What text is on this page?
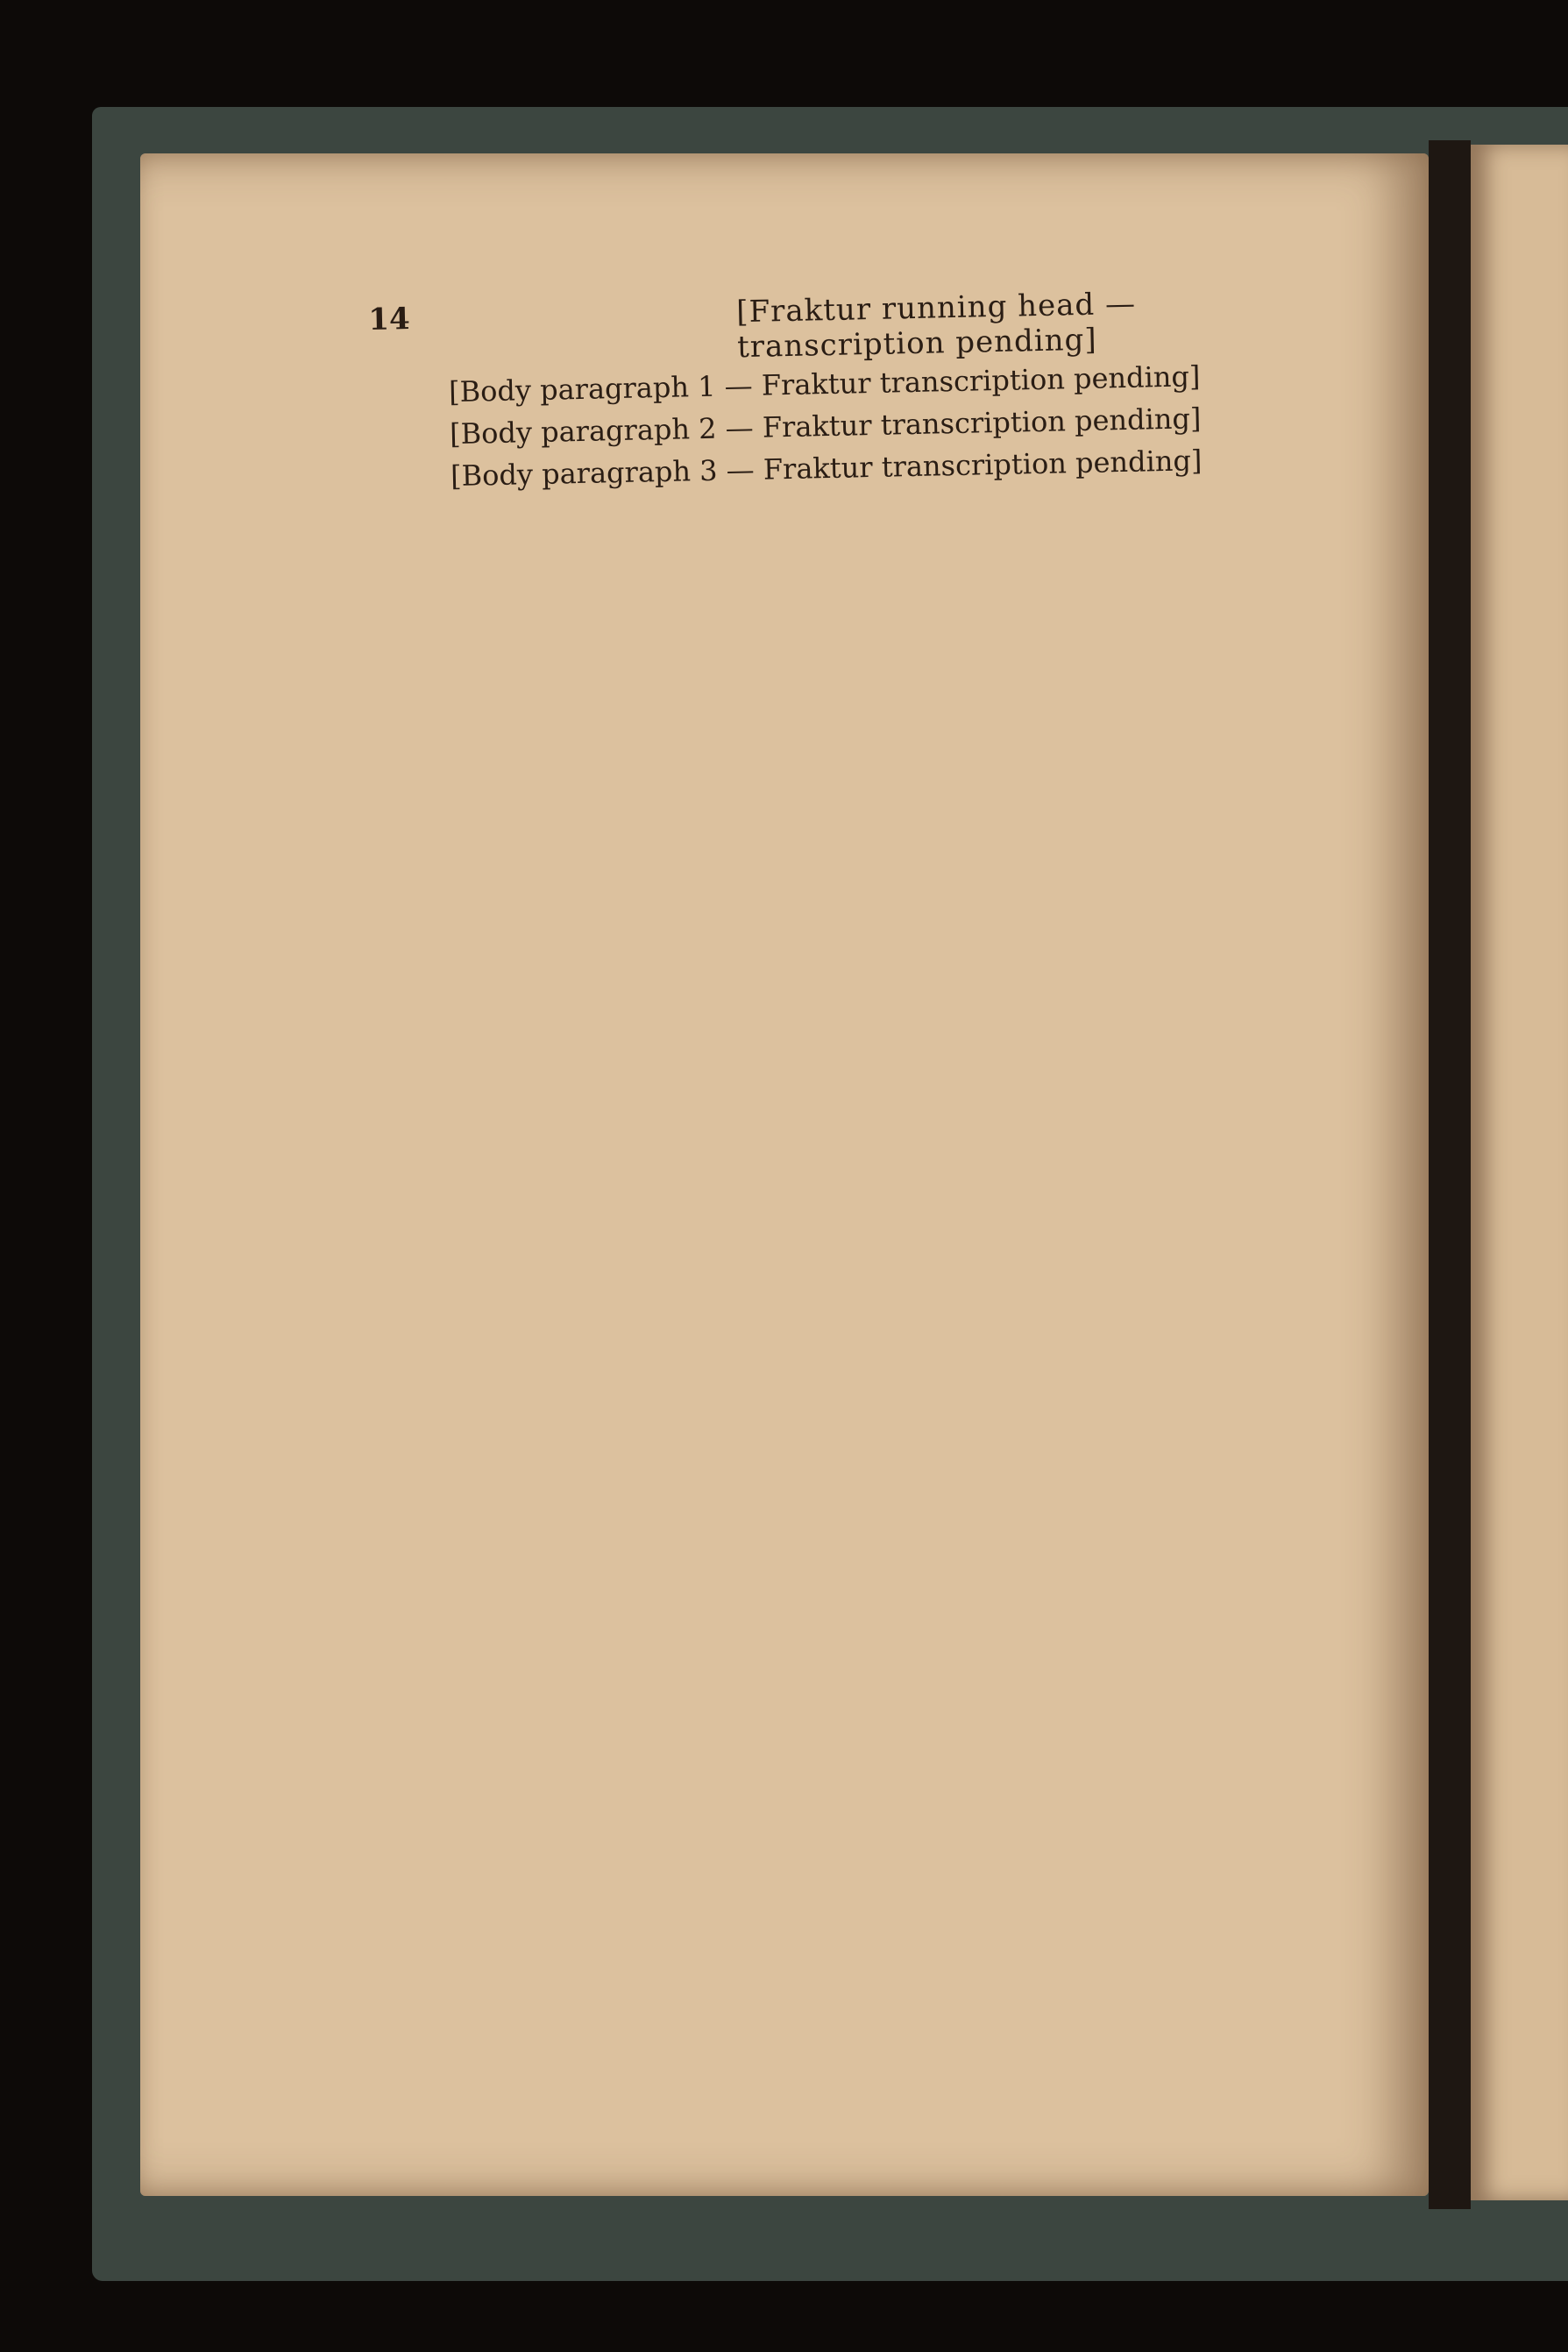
14	[Fraktur running head — transcription pending]

[Body paragraph 1 — Fraktur transcription pending]

[Body paragraph 2 — Fraktur transcription pending]

[Body paragraph 3 — Fraktur transcription pending]
